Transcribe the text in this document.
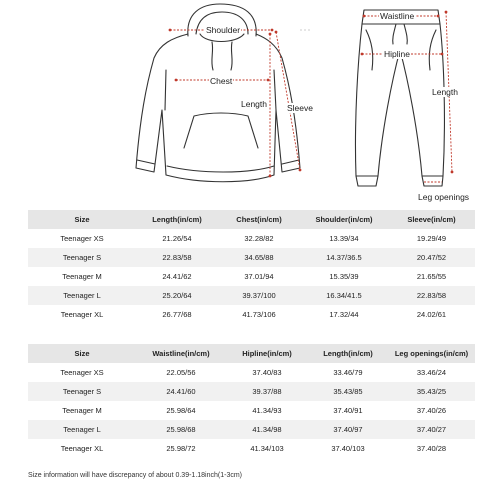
Shoulder
Chest
Length Sleeve
Waistline
Hipline
Length
Leg openings
Size	Length(in/cm)	Chest(in/cm)	Shoulder(in/cm)	Sleeve(in/cm)
Teenager XS	21.26/54	32.28/82	13.39/34	19.29/49
Teenager S	22.83/58	34.65/88	14.37/36.5	20.47/52
Teenager M	24.41/62	37.01/94	15.35/39	21.65/55
Teenager L	25.20/64	39.37/100	16.34/41.5	22.83/58
Teenager XL	26.77/68	41.73/106	17.32/44	24.02/61
Size	Waistline(in/cm)	Hipline(in/cm)	Length(in/cm)	Leg openings(in/cm)
Teenager XS	22.05/56	37.40/83	33.46/79	33.46/24
Teenager S	24.41/60	39.37/88	35.43/85	35.43/25
Teenager M	25.98/64	41.34/93	37.40/91	37.40/26
Teenager L	25.98/68	41.34/98	37.40/97	37.40/27
Teenager XL	25.98/72	41.34/103	37.40/103	37.40/28
Size information will have discrepancy of about 0.39-1.18inch(1-3cm)
